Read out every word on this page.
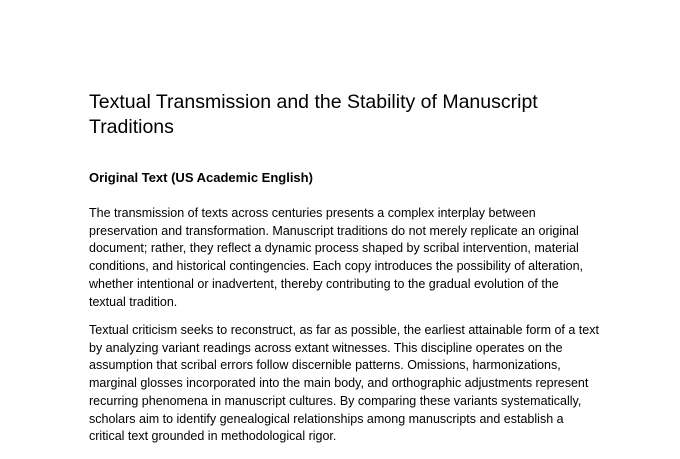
Textual Transmission and the Stability of Manuscript Traditions
Original Text (US Academic English)

The transmission of texts across centuries presents a complex interplay between preservation and transformation. Manuscript traditions do not merely replicate an original document; rather, they reflect a dynamic process shaped by scribal intervention, material conditions, and historical contingencies. Each copy introduces the possibility of alteration, whether intentional or inadvertent, thereby contributing to the gradual evolution of the textual tradition.

Textual criticism seeks to reconstruct, as far as possible, the earliest attainable form of a text by analyzing variant readings across extant witnesses. This discipline operates on the assumption that scribal errors follow discernible patterns. Omissions, harmonizations, marginal glosses incorporated into the main body, and orthographic adjustments represent recurring phenomena in manuscript cultures. By comparing these variants systematically, scholars aim to identify genealogical relationships among manuscripts and establish a critical text grounded in methodological rigor.
